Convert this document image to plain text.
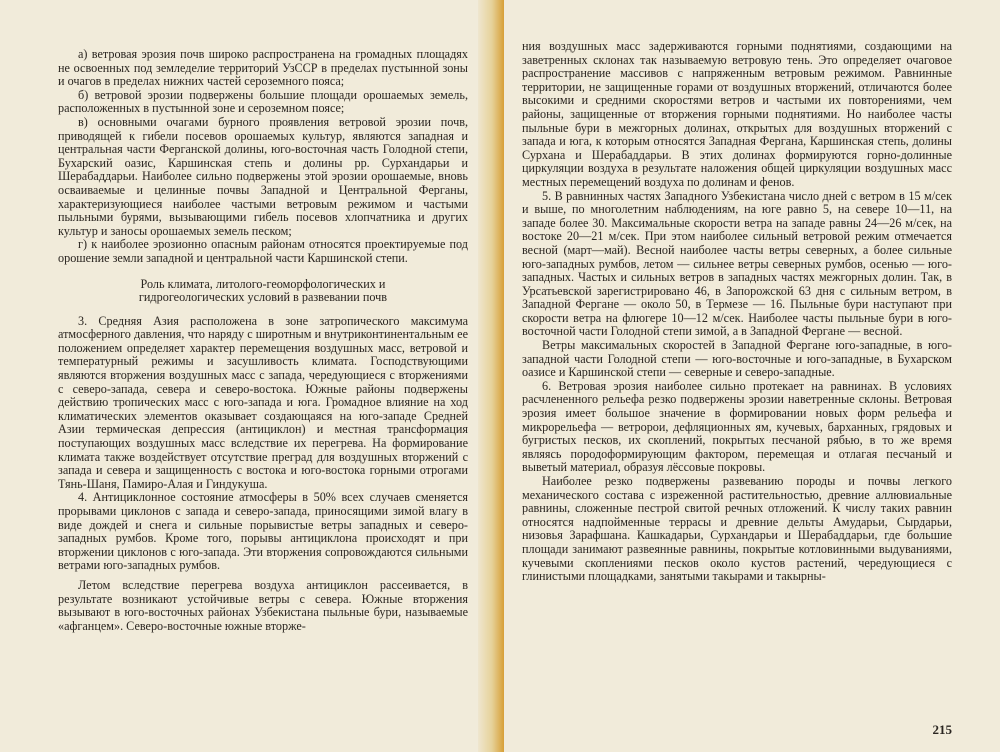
а) ветровая эрозия почв широко распространена на громадных площадях не освоенных под земледелие территорий УзССР в пределах пустынной зоны и очагов в пределах нижних частей сероземного пояса;

б) ветровой эрозии подвержены большие площади орошаемых земель, расположенных в пустынной зоне и сероземном поясе;

в) основными очагами бурного проявления ветровой эрозии почв, приводящей к гибели посевов орошаемых культур, являются западная и центральная части Ферганской долины, юго-восточная часть Голодной степи, Бухарский оазис, Каршинская степь и долины рр. Сурхандарьи и Шерабаддарьи. Наиболее сильно подвержены этой эрозии орошаемые, вновь осваиваемые и целинные почвы Западной и Центральной Ферганы, характеризующиеся наиболее частыми ветровым режимом и частыми пыльными бурями, вызывающими гибель посевов хлопчатника и других культур и заносы орошаемых земель песком;

г) к наиболее эрозионно опасным районам относятся проектируемые под орошение земли западной и центральной части Каршинской степи.

Роль климата, литолого-геоморфологических и гидрогеологических условий в развевании почв

3. Средняя Азия расположена в зоне затропического максимума атмосферного давления, что наряду с широтным и внутриконтинентальным ее положением определяет характер перемещения воздушных масс, ветровой и температурный режимы и засушливость климата. Господствующими являются вторжения воздушных масс с запада, чередующиеся с вторжениями с северо-запада, севера и северо-востока. Южные районы подвержены действию тропических масс с юго-запада и юга. Громадное влияние на ход климатических элементов оказывает создающаяся на юго-западе Средней Азии термическая депрессия (антициклон) и местная трансформация поступающих воздушных масс вследствие их перегрева. На формирование климата также воздействует отсутствие преград для воздушных вторжений с запада и севера и защищенность с востока и юго-востока горными отрогами Тянь-Шаня, Памиро-Алая и Гиндукуша.

4. Антициклонное состояние атмосферы в 50% всех случаев сменяется прорывами циклонов с запада и северо-запада, приносящими зимой влагу в виде дождей и снега и сильные порывистые ветры западных и северо-западных румбов. Кроме того, порывы антициклона происходят и при вторжении циклонов с юго-запада. Эти вторжения сопровождаются сильными ветрами юго-западных румбов.

Летом вследствие перегрева воздуха антициклон рассеивается, в результате возникают устойчивые ветры с севера. Южные вторжения вызывают в юго-восточных районах Узбекистана пыльные бури, называемые «афганцем». Северо-восточные южные вторже-

ния воздушных масс задерживаются горными поднятиями, создающими на заветренных склонах так называемую ветровую тень. Это определяет очаговое распространение массивов с напряженным ветровым режимом. Равнинные территории, не защищенные горами от воздушных вторжений, отличаются более высокими и средними скоростями ветров и частыми их повторениями, чем районы, защищенные от вторжения горными поднятиями. Но наиболее часты пыльные бури в межгорных долинах, открытых для воздушных вторжений с запада и юга, к которым относятся Западная Фергана, Каршинская степь, долины Сурхана и Шерабаддарьи. В этих долинах формируются горно-долинные циркуляции воздуха в результате наложения общей циркуляции воздушных масс местных перемещений воздуха по долинам и фенов.

5. В равнинных частях Западного Узбекистана число дней с ветром в 15 м/сек и выше, по многолетним наблюдениям, на юге равно 5, на севере 10—11, на западе более 30. Максимальные скорости ветра на западе равны 24—26 м/сек, на востоке 20—21 м/сек. При этом наиболее сильный ветровой режим отмечается весной (март—май). Весной наиболее часты ветры северных, а более сильные юго-западных румбов, летом — сильнее ветры северных румбов, осенью — юго-западных. Частых и сильных ветров в западных частях межгорных долин. Так, в Урсатьевской зарегистрировано 46, в Запорожской 63 дня с сильным ветром, в Западной Фергане — около 50, в Термезе — 16. Пыльные бури наступают при скорости ветра на флюгере 10—12 м/сек. Наиболее часты пыльные бури в юго-восточной части Голодной степи зимой, а в Западной Фергане — весной.

Ветры максимальных скоростей в Западной Фергане юго-западные, в юго-западной части Голодной степи — юго-восточные и юго-западные, в Бухарском оазисе и Каршинской степи — северные и северо-западные.

6. Ветровая эрозия наиболее сильно протекает на равнинах. В условиях расчлененного рельефа резко подвержены эрозии наветренные склоны. Ветровая эрозия имеет большое значение в формировании новых форм рельефа и микрорельефа — ветророи, дефляционных ям, кучевых, барханных, грядовых и бугристых песков, их скоплений, покрытых песчаной рябью, в то же время являясь породоформирующим фактором, перемещая и отлагая песчаный и выветый материал, образуя лёссовые покровы.

Наиболее резко подвержены развеванию породы и почвы легкого механического состава с изреженной растительностью, древние аллювиальные равнины, сложенные пестрой свитой речных отложений. К числу таких равнин относятся надпойменные террасы и древние дельты Амударьи, Сырдарьи, низовья Зарафшана. Кашкадарьи, Сурхандарьи и Шерабаддарьи, где большие площади занимают развеянные равнины, покрытые котловинными выдуваниями, кучевыми скоплениями песков около кустов растений, чередующиеся с глинистыми площадками, занятыми такырами и такырны-

215
